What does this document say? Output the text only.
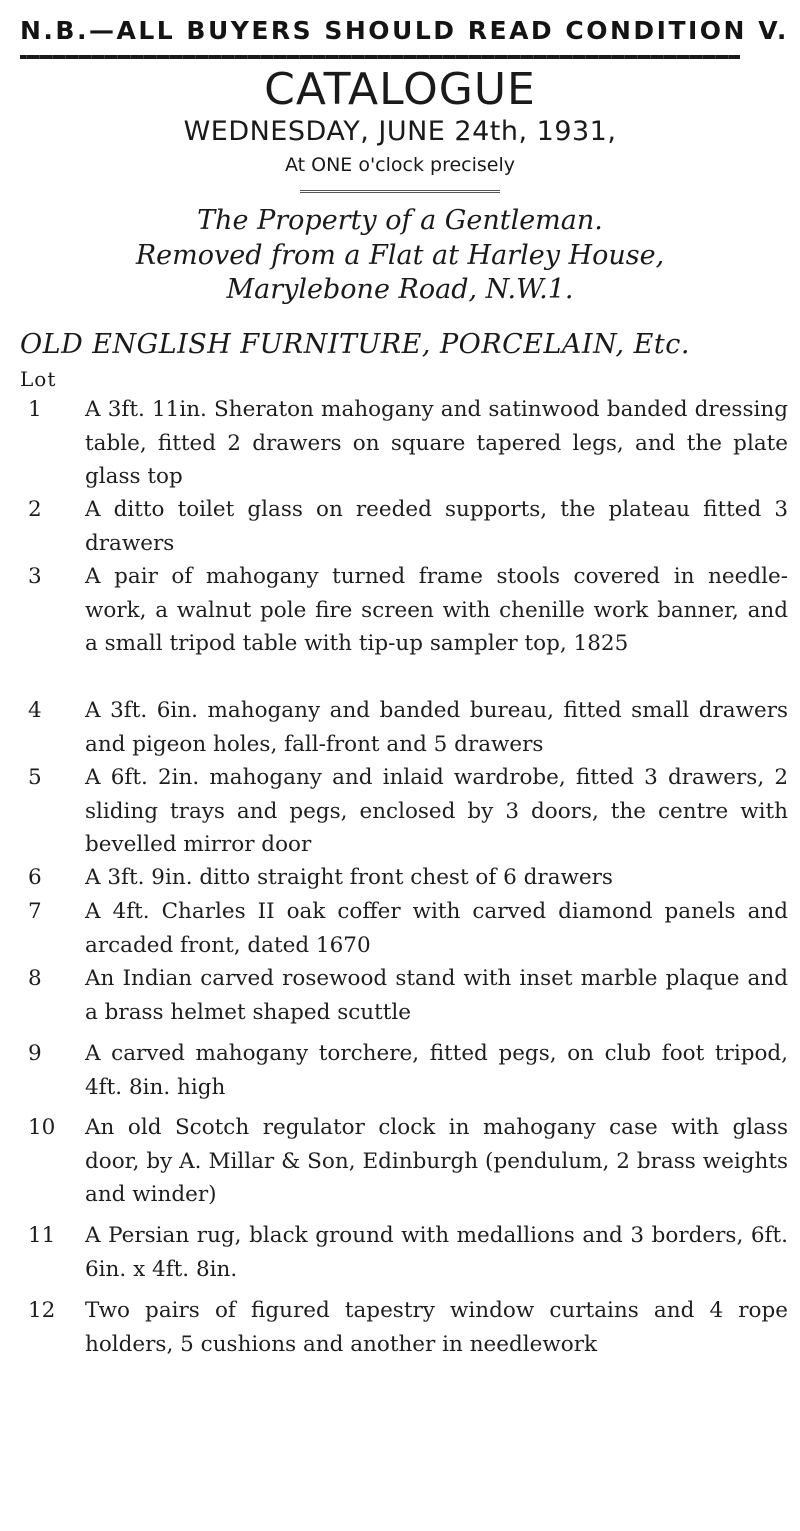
N.B.—ALL BUYERS SHOULD READ CONDITION V.
CATALOGUE
WEDNESDAY, JUNE 24th, 1931,
At ONE o'clock precisely
The Property of a Gentleman.
Removed from a Flat at Harley House,
Marylebone Road, N.W.1.
OLD ENGLISH FURNITURE, PORCELAIN, Etc.
Lot
1	A 3ft. 11in. Sheraton mahogany and satinwood banded dressing table, fitted 2 drawers on square tapered legs, and the plate glass top
2	A ditto toilet glass on reeded supports, the plateau fitted 3 drawers
3	A pair of mahogany turned frame stools covered in needle-work, a walnut pole fire screen with chenille work banner, and a small tripod table with tip-up sampler top, 1825
4	A 3ft. 6in. mahogany and banded bureau, fitted small drawers and pigeon holes, fall-front and 5 drawers
5	A 6ft. 2in. mahogany and inlaid wardrobe, fitted 3 drawers, 2 sliding trays and pegs, enclosed by 3 doors, the centre with bevelled mirror door
6	A 3ft. 9in. ditto straight front chest of 6 drawers
7	A 4ft. Charles II oak coffer with carved diamond panels and arcaded front, dated 1670
8	An Indian carved rosewood stand with inset marble plaque and a brass helmet shaped scuttle
9	A carved mahogany torchere, fitted pegs, on club foot tripod, 4ft. 8in. high
10	An old Scotch regulator clock in mahogany case with glass door, by A. Millar & Son, Edinburgh (pendulum, 2 brass weights and winder)
11	A Persian rug, black ground with medallions and 3 borders, 6ft. 6in. x 4ft. 8in.
12	Two pairs of figured tapestry window curtains and 4 rope holders, 5 cushions and another in needlework
